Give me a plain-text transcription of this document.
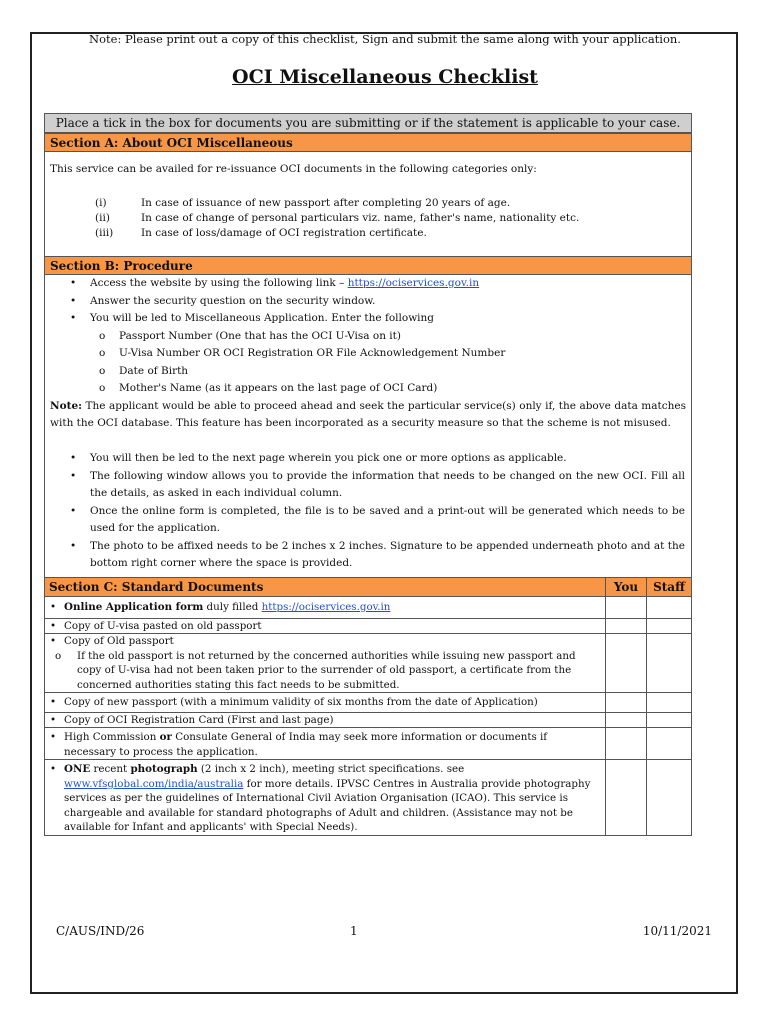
Note: Please print out a copy of this checklist, Sign and submit the same along with your application.
OCI Miscellaneous Checklist
Place a tick in the box for documents you are submitting or if the statement is applicable to your case.
Section A: About OCI Miscellaneous
This service can be availed for re-issuance OCI documents in the following categories only:
(i)	In case of issuance of new passport after completing 20 years of age.
(ii)	In case of change of personal particulars viz. name, father's name, nationality etc.
(iii)	In case of loss/damage of OCI registration certificate.
Section B: Procedure
• Access the website by using the following link – https://ociservices.gov.in
• Answer the security question on the security window.
• You will be led to Miscellaneous Application. Enter the following
o Passport Number (One that has the OCI U-Visa on it)
o U-Visa Number OR OCI Registration OR File Acknowledgement Number
o Date of Birth
o Mother's Name (as it appears on the last page of OCI Card)
Note: The applicant would be able to proceed ahead and seek the particular service(s) only if, the above data matches with the OCI database. This feature has been incorporated as a security measure so that the scheme is not misused.
• You will then be led to the next page wherein you pick one or more options as applicable.
• The following window allows you to provide the information that needs to be changed on the new OCI. Fill all the details, as asked in each individual column.
• Once the online form is completed, the file is to be saved and a print-out will be generated which needs to be used for the application.
• The photo to be affixed needs to be 2 inches x 2 inches. Signature to be appended underneath photo and at the bottom right corner where the space is provided.
Section C: Standard Documents	You	Staff

• Online Application form duly filled https://ociservices.gov.in		

• Copy of U-visa pasted on old passport		

• Copy of Old passport
o If the old passport is not returned by the concerned authorities while issuing new passport and copy of U-visa had not been taken prior to the surrender of old passport, a certificate from the concerned authorities stating this fact needs to be submitted.		

• Copy of new passport (with a minimum validity of six months from the date of Application)		

• Copy of OCI Registration Card (First and last page)		

• High Commission or Consulate General of India may seek more information or documents if necessary to process the application.		

• ONE recent photograph (2 inch x 2 inch), meeting strict specifications. see www.vfsglobal.com/india/australia for more details. IPVSC Centres in Australia provide photography services as per the guidelines of International Civil Aviation Organisation (ICAO). This service is chargeable and available for standard photographs of Adult and children. (Assistance may not be available for Infant and applicants' with Special Needs).		

C/AUS/IND/26	1	10/11/2021
